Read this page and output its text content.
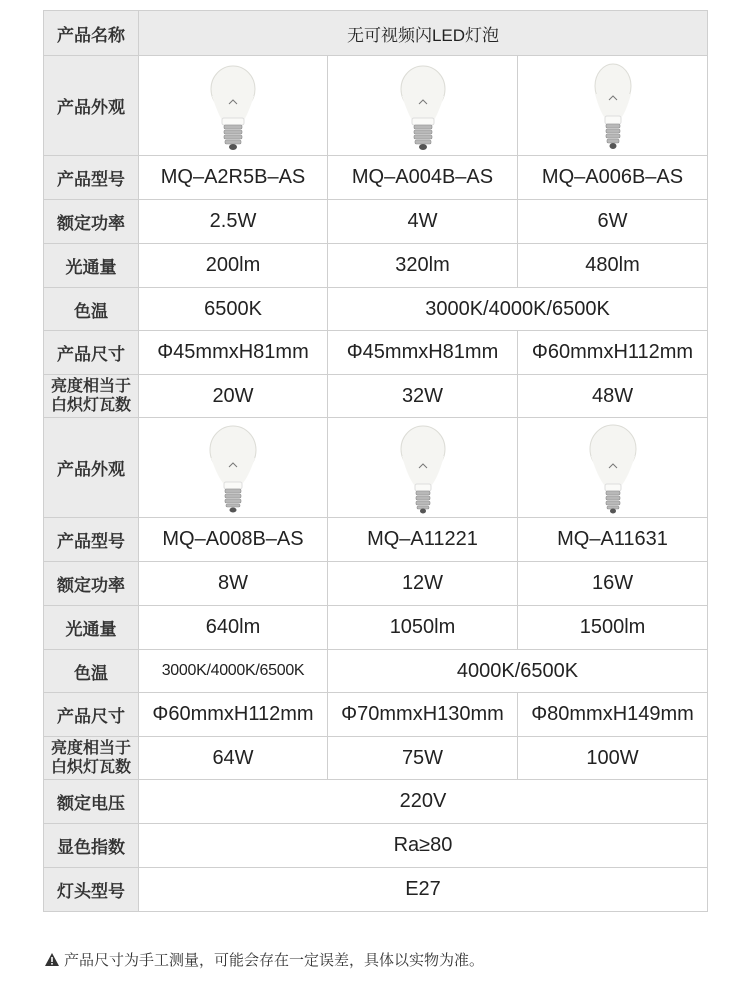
产品名称	无可视频闪LED灯泡		
产品外观	

产品型号	MQ–A2R5B–AS	MQ–A004B–AS	MQ–A006B–AS
额定功率	2.5W	4W	6W
光通量	200lm	320lm	480lm
色温	6500K	3000K/4000K/6500K	
产品尺寸	Φ45mmxH81mm	Φ45mmxH81mm	Φ60mmxH112mm
亮度相当于
白炽灯瓦数	20W	32W	48W
产品外观	

产品型号	MQ–A008B–AS	MQ–A11221	MQ–A11631
额定功率	8W	12W	16W
光通量	640lm	1050lm	1500lm
色温	3000K/4000K/6500K	4000K/6500K	
产品尺寸	Φ60mmxH112mm	Φ70mmxH130mm	Φ80mmxH149mm
亮度相当于
白炽灯瓦数	64W	75W	100W
额定电压	220V		
显色指数	Ra≥80		
灯头型号	E27		
产品尺寸为手工测量，可能会存在一定误差，具体以实物为准。
